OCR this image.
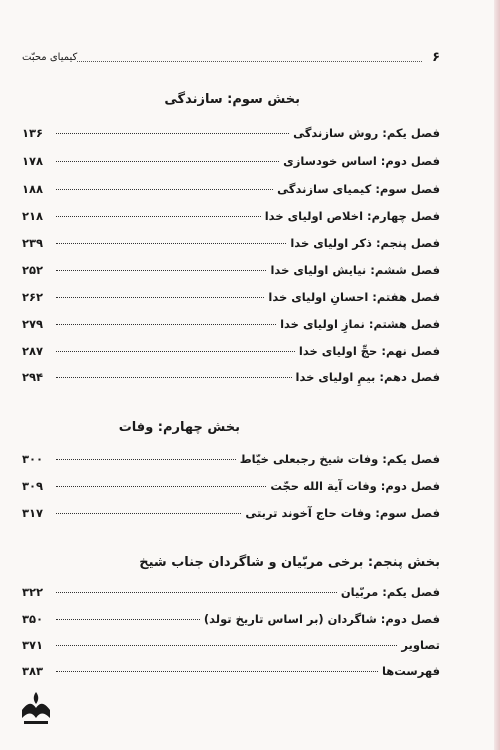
۶
کیمیای محبّت
بخش سوم: سازندگی
فصل یکم: روش سازندگی
۱۳۶
فصل دوم: اساس خودسازی
۱۷۸
فصل سوم: کیمیای سازندگی
۱۸۸
فصل چهارم: اخلاص اولیای خدا
۲۱۸
فصل پنجم: ذکر اولیای خدا
۲۳۹
فصل ششم: نیایش اولیای خدا
۲۵۲
فصل هفتم: احسانِ اولیای خدا
۲۶۲
فصل هشتم: نمازِ اولیای خدا
۲۷۹
فصل نهم: حجِّ اولیای خدا
۲۸۷
فصل دهم: بیمِ اولیای خدا
۲۹۴
بخش چهارم: وفات
فصل یکم: وفات شیخ رجبعلی خیّاط
۳۰۰
فصل دوم: وفات آیة الله حجّت
۳۰۹
فصل سوم: وفات حاج آخوند تربتی
۳۱۷
بخش پنجم: برخی مربّیان و شاگردان جناب شیخ
فصل یکم: مربّیان
۳۲۲
فصل دوم: شاگردان (بر اساس تاریخ تولد)
۳۵۰
تصاویر
۳۷۱
فهرست‌ها
۳۸۳
